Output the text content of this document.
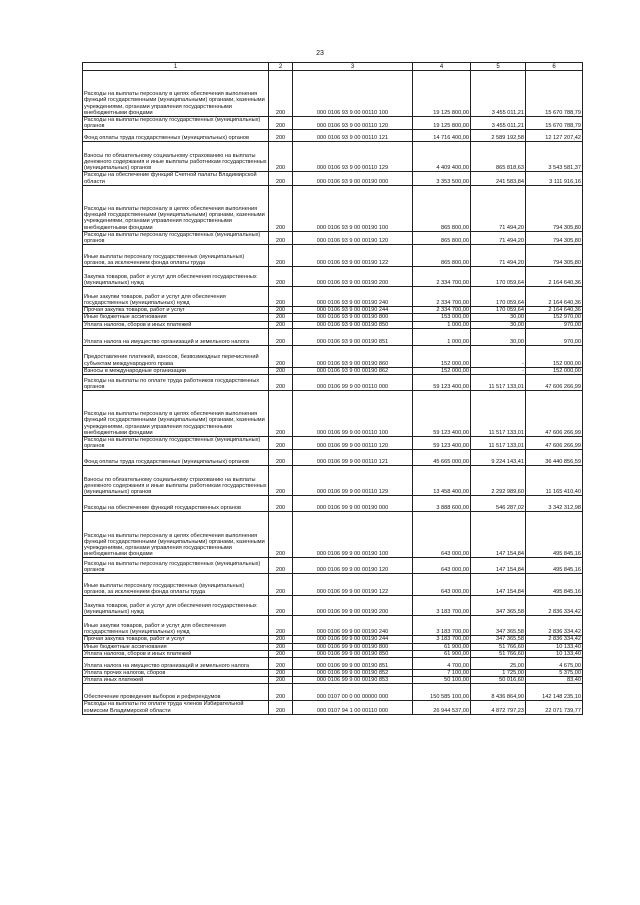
23
1	2	3	4	5	6
Расходы на выплаты персоналу в целях обеспечения выполнения функций государственными (муниципальными) органами, казенными учреждениями, органами управления государственными внебюджетными фондами	200	000 0106 93 9 00 00110 100	19 125 800,00	3 455 011,21	15 670 788,79
Расходы на выплаты персоналу государственных (муниципальных) органов	200	000 0106 93 9 00 00110 120	19 125 800,00	3 455 011,21	15 670 788,79
Фонд оплаты труда государственных (муниципальных) органов	200	000 0106 93 9 00 00110 121	14 716 400,00	2 589 192,58	12 127 207,42
Взносы по обязательному социальному страхованию на выплаты денежного содержания и иные выплаты работникам государственных (муниципальных) органов	200	000 0106 93 9 00 00110 129	4 409 400,00	865 818,63	3 543 581,37
Расходы на обеспечение функций Счетной палаты Владимирской области	200	000 0106 93 9 00 00190 000	3 353 500,00	241 583,84	3 111 916,16
Расходы на выплаты персоналу в целях обеспечения выполнения функций государственными (муниципальными) органами, казенными учреждениями, органами управления государственными внебюджетными фондами	200	000 0106 93 9 00 00190 100	865 800,00	71 494,20	794 305,80
Расходы на выплаты персоналу государственных (муниципальных) органов	200	000 0106 93 9 00 00190 120	865 800,00	71 494,20	794 305,80
Иные выплаты персоналу государственных (муниципальных) органов, за исключением фонда оплаты труда	200	000 0106 93 9 00 00190 122	865 800,00	71 494,20	794 305,80
Закупка товаров, работ и услуг для обеспечения государственных (муниципальных) нужд	200	000 0106 93 9 00 00190 200	2 334 700,00	170 059,64	2 164 640,36
Иные закупки товаров, работ и услуг для обеспечения государственных (муниципальных) нужд	200	000 0106 93 9 00 00190 240	2 334 700,00	170 059,64	2 164 640,36
Прочая закупка товаров, работ и услуг	200	000 0106 93 9 00 00190 244	2 334 700,00	170 059,64	2 164 640,36
Иные бюджетные ассигнования	200	000 0106 93 9 00 00190 800	153 000,00	30,00	152 970,00
Уплата налогов, сборов и иных платежей	200	000 0106 93 9 00 00190 850	1 000,00	30,00	970,00
Уплата налога на имущество организаций и земельного налога	200	000 0106 93 9 00 00190 851	1 000,00	30,00	970,00
Предоставление платежей, взносов, безвозмездных перечислений субъектам международного права	200	000 0106 93 9 00 00190 860	152 000,00	-	152 000,00
Взносы в международные организации	200	000 0106 93 9 00 00190 862	152 000,00	-	152 000,00
Расходы на выплаты по оплате труда работников государственных органов	200	000 0106 99 9 00 00110 000	59 123 400,00	11 517 133,01	47 606 266,99
Расходы на выплаты персоналу в целях обеспечения выполнения функций государственными (муниципальными) органами, казенными учреждениями, органами управления государственными внебюджетными фондами	200	000 0106 99 9 00 00110 100	59 123 400,00	11 517 133,01	47 606 266,99
Расходы на выплаты персоналу государственных (муниципальных) органов	200	000 0106 99 9 00 00110 120	59 123 400,00	11 517 133,01	47 606 266,99
Фонд оплаты труда государственных (муниципальных) органов	200	000 0106 99 9 00 00110 121	45 665 000,00	9 224 143,41	36 440 856,59
Взносы по обязательному социальному страхованию на выплаты денежного содержания и иные выплаты работникам государственных (муниципальных) органов	200	000 0106 99 9 00 00110 129	13 458 400,00	2 292 989,60	11 165 410,40
Расходы на обеспечение функций государственных органов	200	000 0106 99 9 00 00190 000	3 888 600,00	546 287,02	3 342 312,98
Расходы на выплаты персоналу в целях обеспечения выполнения функций государственными (муниципальными) органами, казенными учреждениями, органами управления государственными внебюджетными фондами	200	000 0106 99 9 00 00190 100	643 000,00	147 154,84	495 845,16
Расходы на выплаты персоналу государственных (муниципальных) органов	200	000 0106 99 9 00 00190 120	643 000,00	147 154,84	495 845,16
Иные выплаты персоналу государственных (муниципальных) органов, за исключением фонда оплаты труда	200	000 0106 99 9 00 00190 122	643 000,00	147 154,84	495 845,16
Закупка товаров, работ и услуг для обеспечения государственных (муниципальных) нужд	200	000 0106 99 9 00 00190 200	3 183 700,00	347 365,58	2 836 334,42
Иные закупки товаров, работ и услуг для обеспечения государственных (муниципальных) нужд	200	000 0106 99 9 00 00190 240	3 183 700,00	347 365,58	2 836 334,42
Прочая закупка товаров, работ и услуг	200	000 0106 99 9 00 00190 244	3 183 700,00	347 365,58	2 836 334,42
Иные бюджетные ассигнования	200	000 0106 99 9 00 00190 800	61 900,00	51 766,60	10 133,40
Уплата налогов, сборов и иных платежей	200	000 0106 99 9 00 00190 850	61 900,00	51 766,60	10 133,40
Уплата налога на имущество организаций и земельного налога	200	000 0106 99 9 00 00190 851	4 700,00	25,00	4 675,00
Уплата прочих налогов, сборов	200	000 0106 99 9 00 00190 852	7 100,00	1 725,00	5 375,00
Уплата иных платежей	200	000 0106 99 9 00 00190 853	50 100,00	50 016,60	83,40
Обеспечение проведения выборов и референдумов	200	000 0107 00 0 00 00000 000	150 585 100,00	8 436 864,90	142 148 235,10
Расходы на выплаты по оплате труда членов Избирательной комиссии Владимирской области	200	000 0107 94 1 00 00110 000	26 944 537,00	4 872 797,23	22 071 739,77
